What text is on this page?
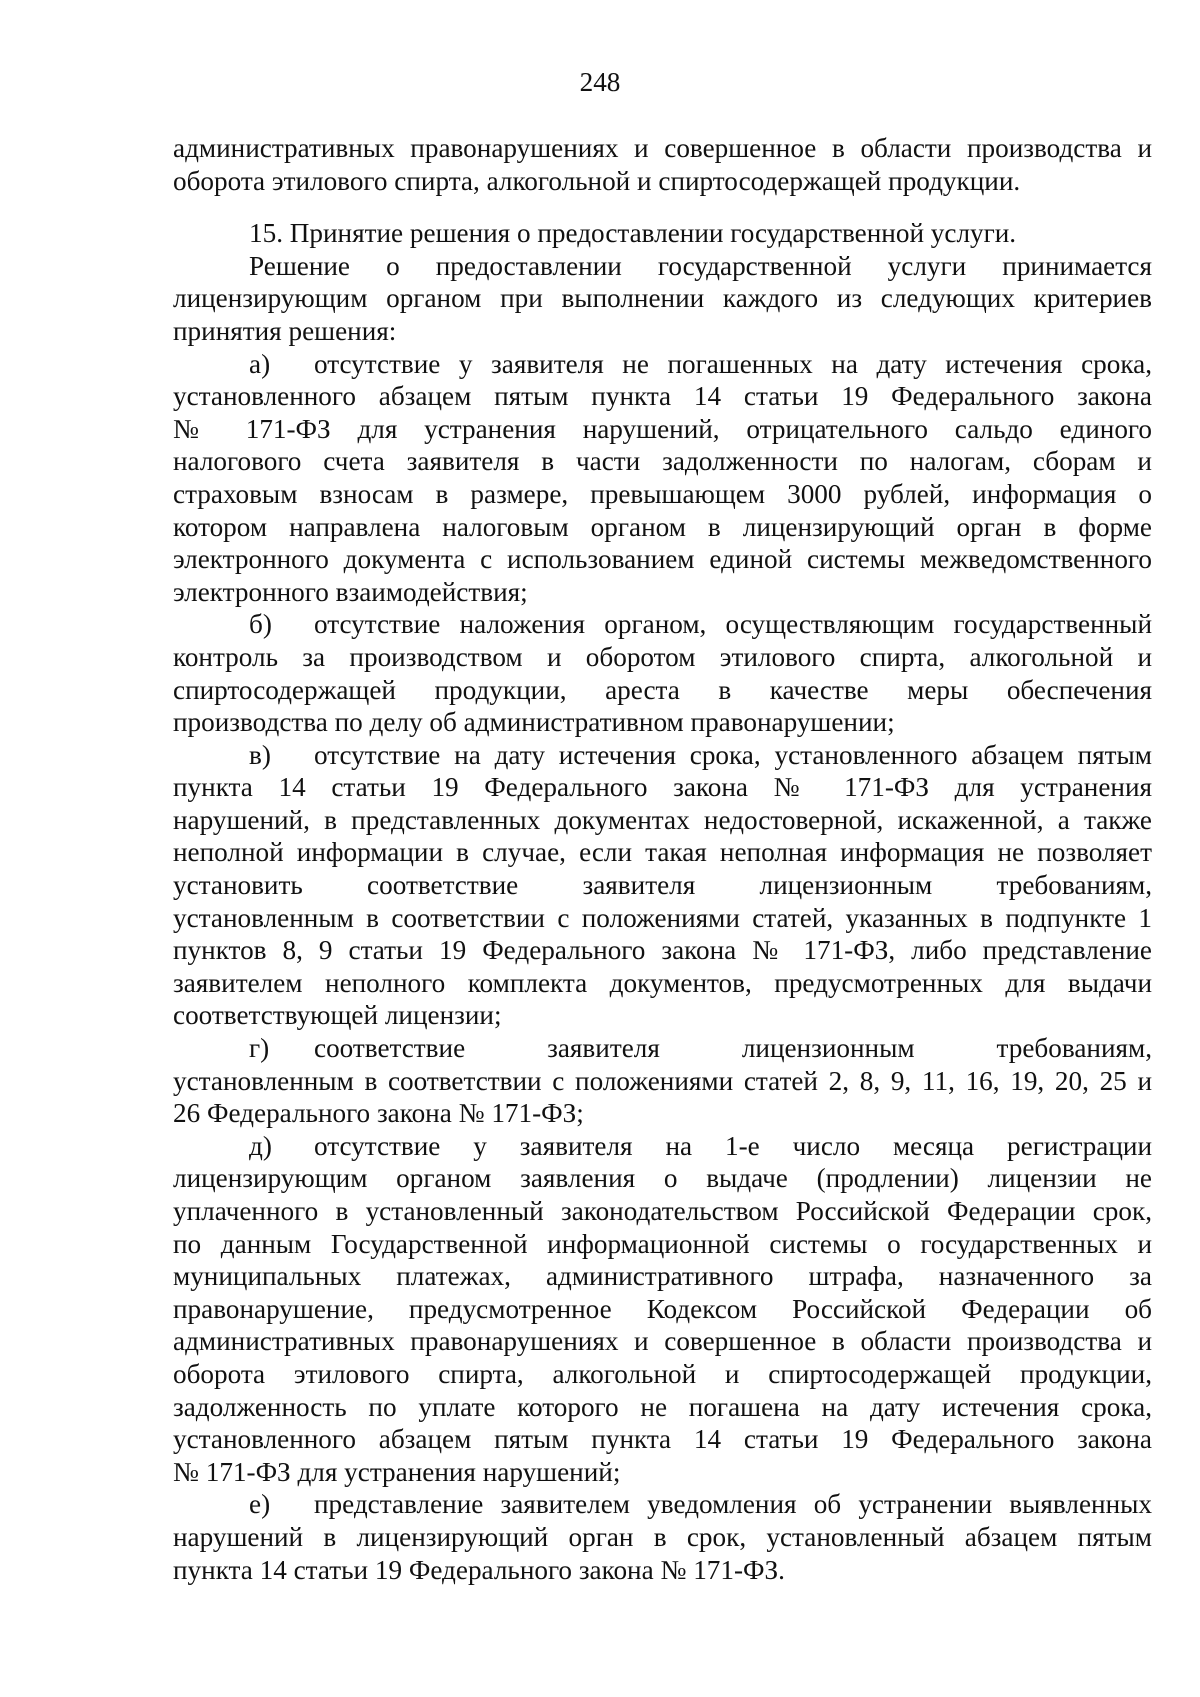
248
административных правонарушениях и совершенное в области производства и
оборота этилового спирта, алкогольной и спиртосодержащей продукции.
15. Принятие решения о предоставлении государственной услуги.
Решение о предоставлении государственной услуги принимается
лицензирующим органом при выполнении каждого из следующих критериев
принятия решения:
а) отсутствие у заявителя не погашенных на дату истечения срока,
установленного абзацем пятым пункта 14 статьи 19 Федерального закона
№ 171-ФЗ для устранения нарушений, отрицательного сальдо единого
налогового счета заявителя в части задолженности по налогам, сборам и
страховым взносам в размере, превышающем 3000 рублей, информация о
котором направлена налоговым органом в лицензирующий орган в форме
электронного документа с использованием единой системы межведомственного
электронного взаимодействия;
б) отсутствие наложения органом, осуществляющим государственный
контроль за производством и оборотом этилового спирта, алкогольной и
спиртосодержащей продукции, ареста в качестве меры обеспечения
производства по делу об административном правонарушении;
в) отсутствие на дату истечения срока, установленного абзацем пятым
пункта 14 статьи 19 Федерального закона № 171-ФЗ для устранения
нарушений, в представленных документах недостоверной, искаженной, а также
неполной информации в случае, если такая неполная информация не позволяет
установить соответствие заявителя лицензионным требованиям,
установленным в соответствии с положениями статей, указанных в подпункте 1
пунктов 8, 9 статьи 19 Федерального закона № 171-ФЗ, либо представление
заявителем неполного комплекта документов, предусмотренных для выдачи
соответствующей лицензии;
г) соответствие заявителя лицензионным требованиям,
установленным в соответствии с положениями статей 2, 8, 9, 11, 16, 19, 20, 25 и
26 Федерального закона № 171-ФЗ;
д) отсутствие у заявителя на 1-е число месяца регистрации
лицензирующим органом заявления о выдаче (продлении) лицензии не
уплаченного в установленный законодательством Российской Федерации срок,
по данным Государственной информационной системы о государственных и
муниципальных платежах, административного штрафа, назначенного за
правонарушение, предусмотренное Кодексом Российской Федерации об
административных правонарушениях и совершенное в области производства и
оборота этилового спирта, алкогольной и спиртосодержащей продукции,
задолженность по уплате которого не погашена на дату истечения срока,
установленного абзацем пятым пункта 14 статьи 19 Федерального закона
№ 171-ФЗ для устранения нарушений;
е) представление заявителем уведомления об устранении выявленных
нарушений в лицензирующий орган в срок, установленный абзацем пятым
пункта 14 статьи 19 Федерального закона № 171-ФЗ.
